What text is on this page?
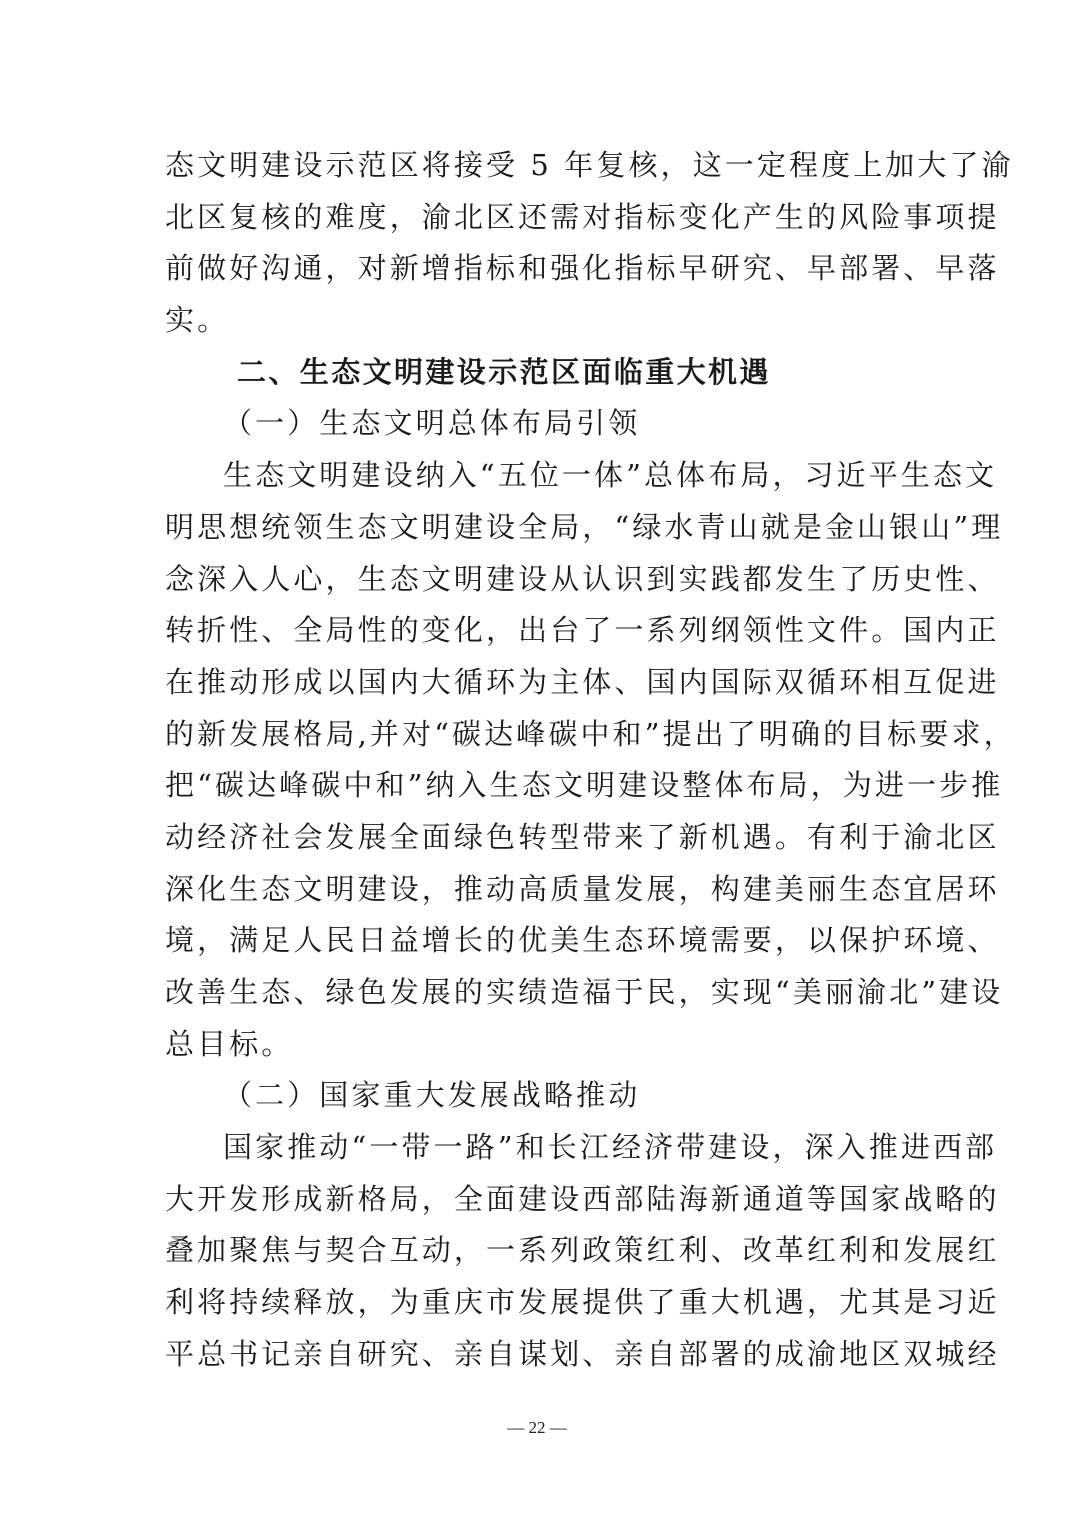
态文明建设示范区将接受 5 年复核，这一定程度上加大了渝
北区复核的难度，渝北区还需对指标变化产生的风险事项提
前做好沟通，对新增指标和强化指标早研究、早部署、早落
实。
二、生态文明建设示范区面临重大机遇
（一）生态文明总体布局引领
生态文明建设纳入“五位一体”总体布局，习近平生态文
明思想统领生态文明建设全局，“绿水青山就是金山银山”理
念深入人心，生态文明建设从认识到实践都发生了历史性、
转折性、全局性的变化，出台了一系列纲领性文件。国内正
在推动形成以国内大循环为主体、国内国际双循环相互促进
的新发展格局,并对“碳达峰碳中和”提出了明确的目标要求，
把“碳达峰碳中和”纳入生态文明建设整体布局，为进一步推
动经济社会发展全面绿色转型带来了新机遇。有利于渝北区
深化生态文明建设，推动高质量发展，构建美丽生态宜居环
境，满足人民日益增长的优美生态环境需要，以保护环境、
改善生态、绿色发展的实绩造福于民，实现“美丽渝北”建设
总目标。
（二）国家重大发展战略推动
国家推动“一带一路”和长江经济带建设，深入推进西部
大开发形成新格局，全面建设西部陆海新通道等国家战略的
叠加聚焦与契合互动，一系列政策红利、改革红利和发展红
利将持续释放，为重庆市发展提供了重大机遇，尤其是习近
平总书记亲自研究、亲自谋划、亲自部署的成渝地区双城经
— 22 —
